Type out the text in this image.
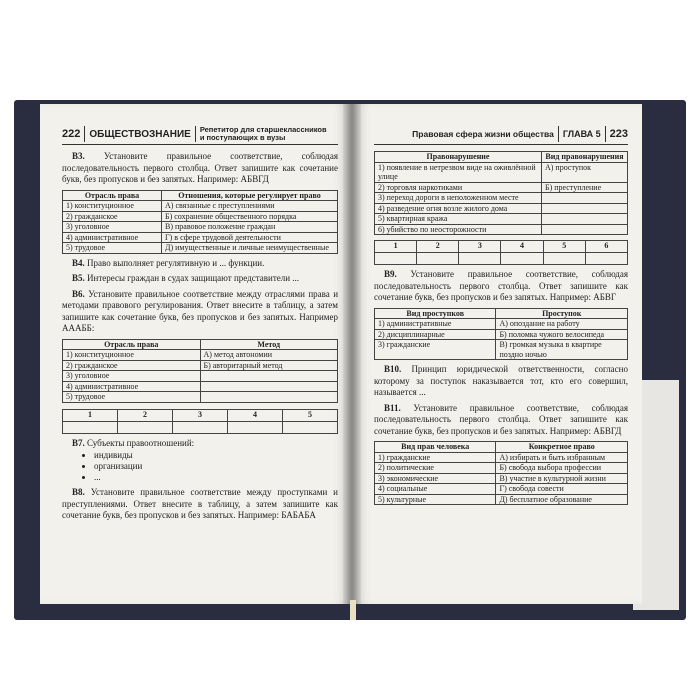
222 ОБЩЕСТВОЗНАНИЕ Репетитор для старшеклассников
и поступающих в вузы

В3. Установите правильное соответствие, соблюдая последовательность первого столбца. Ответ запишите как сочетание букв, без пропусков и без запятых. Например: АБВГД

Отрасль права	Отношения, которые регулирует право
1) конституционное	А) связанные с преступлениями
2) гражданское	Б) сохранение общественного порядка
3) уголовное	В) правовое положение граждан
4) административное	Г) в сфере трудовой деятельности
5) трудовое	Д) имущественные и личные неимущественные

В4. Право выполняет регулятивную и ... функции.

В5. Интересы граждан в судах защищают представители ...

В6. Установите правильное соответствие между отраслями права и методами правового регулирования. Ответ внесите в таблицу, а затем запишите как сочетание букв, без пропусков и без запятых. Например АААББ:

Отрасль права	Метод
1) конституционное	А) метод автономии
2) гражданское	Б) авторитарный метод
3) уголовное	
4) административное	
5) трудовое	
1	2	3	4	5

В7. Субъекты правоотношений:

• индивиды
• организации
• ...

В8. Установите правильное соответствие между проступками и преступлениями. Ответ внесите в таблицу, а затем запишите как сочетание букв, без пропусков и без запятых. Например: БАБАБА

Правовая сфера жизни общества ГЛАВА 5 223
Правонарушение	Вид правонарушения
1) появление в нетрезвом виде на оживлённой улице	А) проступок
2) торговля наркотиками	Б) преступление
3) переход дороги в неположенном месте	
4) разведение огня возле жилого дома	
5) квартирная кража	
6) убийство по неосторожности	
1	2	3	4	5	6

В9. Установите правильное соответствие, соблюдая последовательность первого столбца. Ответ запишите как сочетание букв, без пропусков и без запятых. Например: АБВГ

Вид проступков	Проступок
1) административные	А) опоздание на работу
2) дисциплинарные	Б) поломка чужого велосипеда
3) гражданские	В) громкая музыка в квартире поздно ночью

В10. Принцип юридической ответственности, согласно которому за поступок наказывается тот, кто его совершил, называется ...

В11. Установите правильное соответствие, соблюдая последовательность первого столбца. Ответ запишите как сочетание букв, без пропусков и без запятых. Например: АБВГД

Вид прав человека	Конкретное право
1) гражданские	А) избирать и быть избранным
2) политические	Б) свобода выбора профессии
3) экономические	В) участие в культурной жизни
4) социальные	Г) свобода совести
5) культурные	Д) бесплатное образование
